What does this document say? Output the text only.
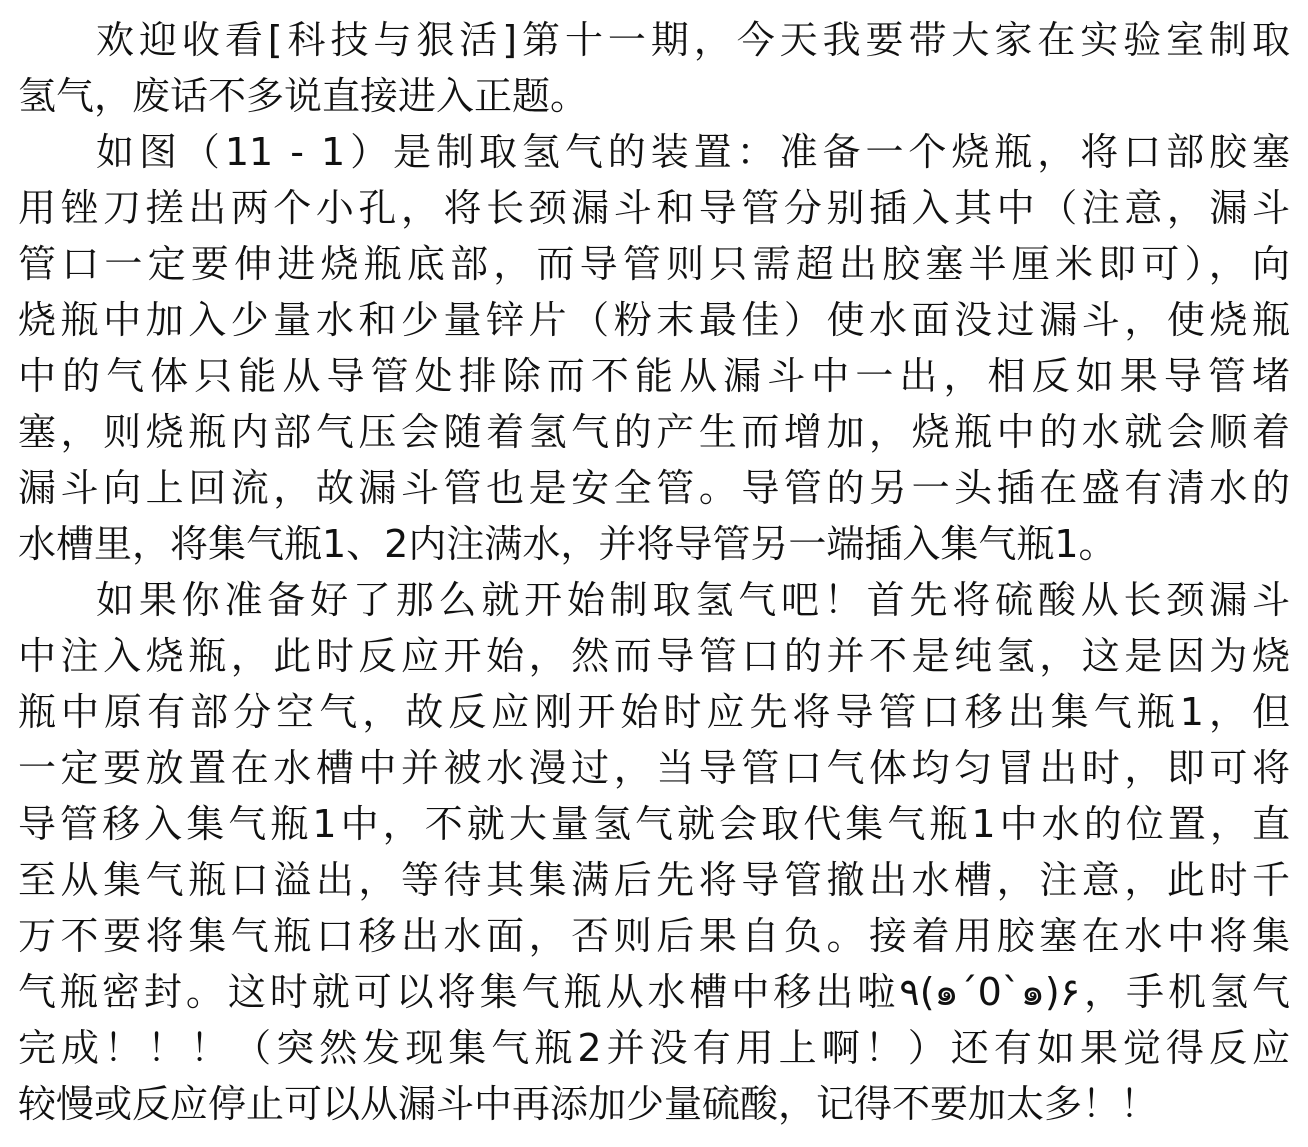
欢迎收看[科技与狠活]第十一期，今天我要带大家在实验室制取
氢气，废话不多说直接进入正题。
如图（11 - 1）是制取氢气的装置：准备一个烧瓶，将口部胶塞
用锉刀搓出两个小孔，将长颈漏斗和导管分别插入其中（注意，漏斗
管口一定要伸进烧瓶底部，而导管则只需超出胶塞半厘米即可），向
烧瓶中加入少量水和少量锌片（粉末最佳）使水面没过漏斗，使烧瓶
中的气体只能从导管处排除而不能从漏斗中一出，相反如果导管堵
塞，则烧瓶内部气压会随着氢气的产生而增加，烧瓶中的水就会顺着
漏斗向上回流，故漏斗管也是安全管。导管的另一头插在盛有清水的
水槽里，将集气瓶1、2内注满水，并将导管另一端插入集气瓶1。
如果你准备好了那么就开始制取氢气吧！首先将硫酸从长颈漏斗
中注入烧瓶，此时反应开始，然而导管口的并不是纯氢，这是因为烧
瓶中原有部分空气，故反应刚开始时应先将导管口移出集气瓶1，但
一定要放置在水槽中并被水漫过，当导管口气体均匀冒出时，即可将
导管移入集气瓶1中，不就大量氢气就会取代集气瓶1中水的位置，直
至从集气瓶口溢出，等待其集满后先将导管撤出水槽，注意，此时千
万不要将集气瓶口移出水面，否则后果自负。接着用胶塞在水中将集
气瓶密封。这时就可以将集气瓶从水槽中移出啦٩(๑´0`๑)۶，手机氢气
完成！！！（突然发现集气瓶2并没有用上啊！）还有如果觉得反应
较慢或反应停止可以从漏斗中再添加少量硫酸，记得不要加太多！！
